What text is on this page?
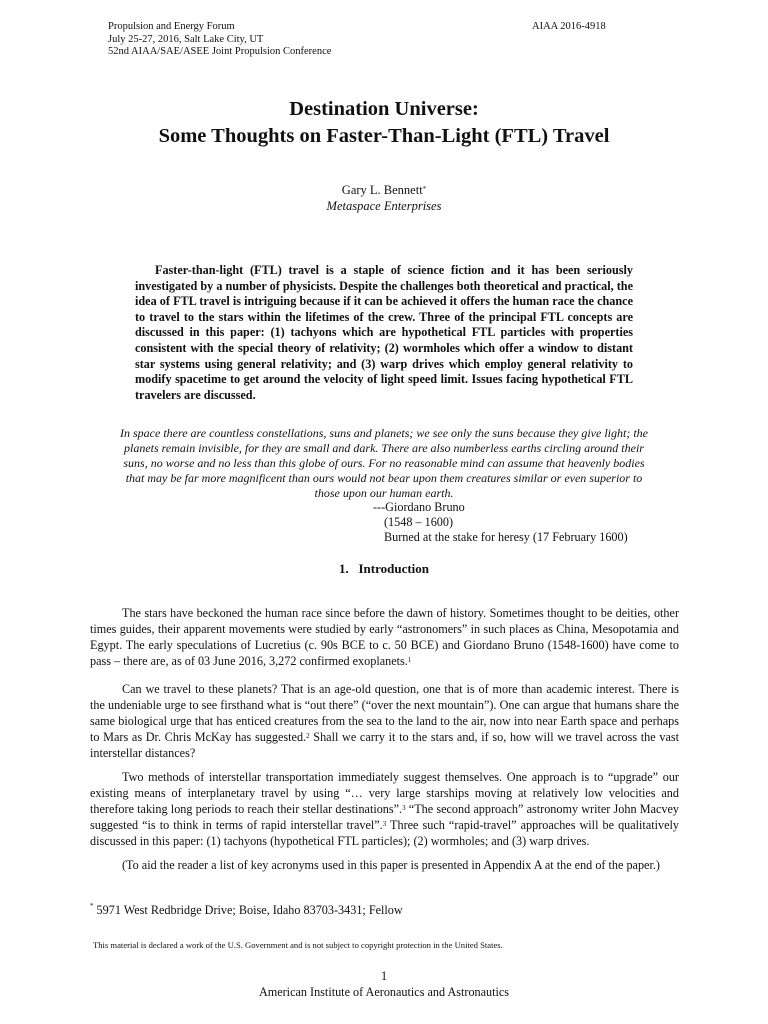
Propulsion and Energy Forum
July 25-27, 2016, Salt Lake City, UT
52nd AIAA/SAE/ASEE Joint Propulsion Conference
AIAA 2016-4918
Destination Universe:
Some Thoughts on Faster-Than-Light (FTL) Travel
Gary L. Bennett*
Metaspace Enterprises
Faster-than-light (FTL) travel is a staple of science fiction and it has been seriously investigated by a number of physicists. Despite the challenges both theoretical and practical, the idea of FTL travel is intriguing because if it can be achieved it offers the human race the chance to travel to the stars within the lifetimes of the crew. Three of the principal FTL concepts are discussed in this paper: (1) tachyons which are hypothetical FTL particles with properties consistent with the special theory of relativity; (2) wormholes which offer a window to distant star systems using general relativity; and (3) warp drives which employ general relativity to modify spacetime to get around the velocity of light speed limit. Issues facing hypothetical FTL travelers are discussed.
In space there are countless constellations, suns and planets; we see only the suns because they give light; the planets remain invisible, for they are small and dark. There are also numberless earths circling around their suns, no worse and no less than this globe of ours. For no reasonable mind can assume that heavenly bodies that may be far more magnificent than ours would not bear upon them creatures similar or even superior to those upon our human earth.
---Giordano Bruno
(1548 – 1600)
Burned at the stake for heresy (17 February 1600)
1. Introduction
The stars have beckoned the human race since before the dawn of history. Sometimes thought to be deities, other times guides, their apparent movements were studied by early “astronomers” in such places as China, Mesopotamia and Egypt. The early speculations of Lucretius (c. 90s BCE to c. 50 BCE) and Giordano Bruno (1548-1600) have come to pass – there are, as of 03 June 2016, 3,272 confirmed exoplanets.$^1$
Can we travel to these planets? That is an age-old question, one that is of more than academic interest. There is the undeniable urge to see firsthand what is “out there” (“over the next mountain”). One can argue that humans share the same biological urge that has enticed creatures from the sea to the land to the air, now into near Earth space and perhaps to Mars as Dr. Chris McKay has suggested.$^2$ Shall we carry it to the stars and, if so, how will we travel across the vast interstellar distances?
Two methods of interstellar transportation immediately suggest themselves. One approach is to “upgrade” our existing means of interplanetary travel by using “… very large starships moving at relatively low velocities and therefore taking long periods to reach their stellar destinations”.$^3$ “The second approach” astronomy writer John Macvey suggested “is to think in terms of rapid interstellar travel”.$^3$ Three such “rapid-travel” approaches will be qualitatively discussed in this paper: (1) tachyons (hypothetical FTL particles); (2) wormholes; and (3) warp drives.
(To aid the reader a list of key acronyms used in this paper is presented in Appendix A at the end of the paper.)
* 5971 West Redbridge Drive; Boise, Idaho 83703-3431; Fellow
This material is declared a work of the U.S. Government and is not subject to copyright protection in the United States.
1
American Institute of Aeronautics and Astronautics
